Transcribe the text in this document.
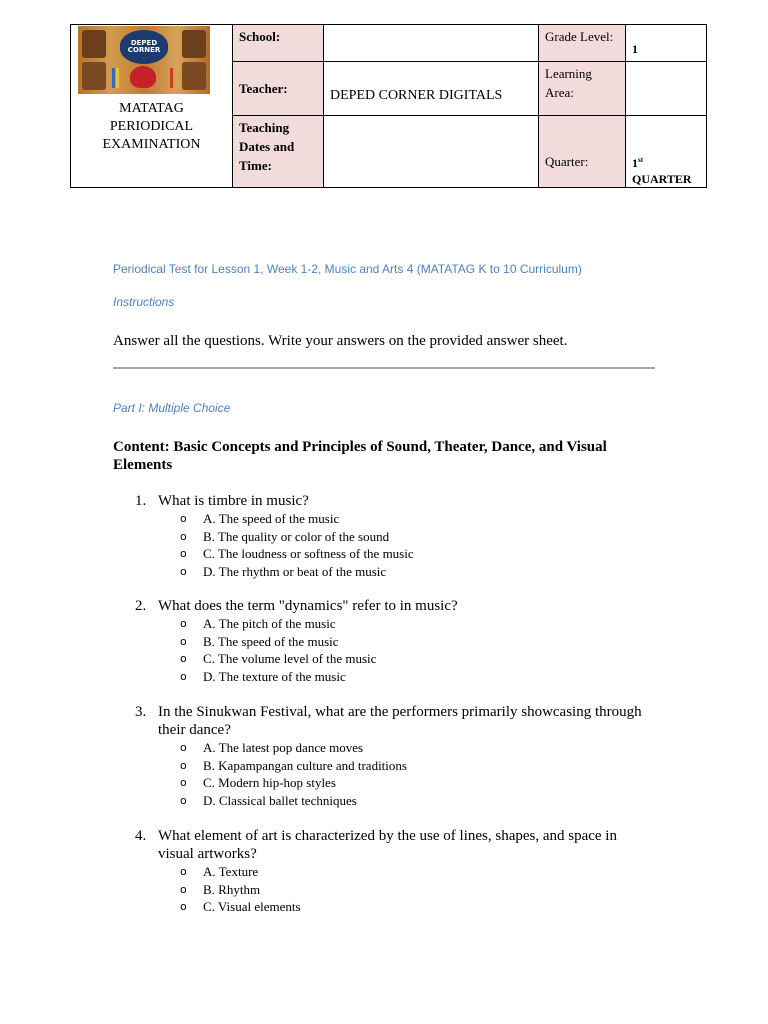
DEPED CORNER
MATATAG
PERIODICAL
EXAMINATION	School:		Grade Level:	1
	Teacher:	DEPED CORNER DIGITALS	Learning Area:	
	Teaching Dates and Time:		Quarter:	1st
QUARTER
Periodical Test for Lesson 1, Week 1-2, Music and Arts 4 (MATATAG K to 10 Curriculum)
Instructions
Answer all the questions. Write your answers on the provided answer sheet.
Part I: Multiple Choice
Content: Basic Concepts and Principles of Sound, Theater, Dance, and Visual Elements
1. What is timbre in music?
o A. The speed of the music
o B. The quality or color of the sound
o C. The loudness or softness of the music
o D. The rhythm or beat of the music
2. What does the term "dynamics" refer to in music?
o A. The pitch of the music
o B. The speed of the music
o C. The volume level of the music
o D. The texture of the music
3. In the Sinukwan Festival, what are the performers primarily showcasing through their dance?
o A. The latest pop dance moves
o B. Kapampangan culture and traditions
o C. Modern hip-hop styles
o D. Classical ballet techniques
4. What element of art is characterized by the use of lines, shapes, and space in visual artworks?
o A. Texture
o B. Rhythm
o C. Visual elements
